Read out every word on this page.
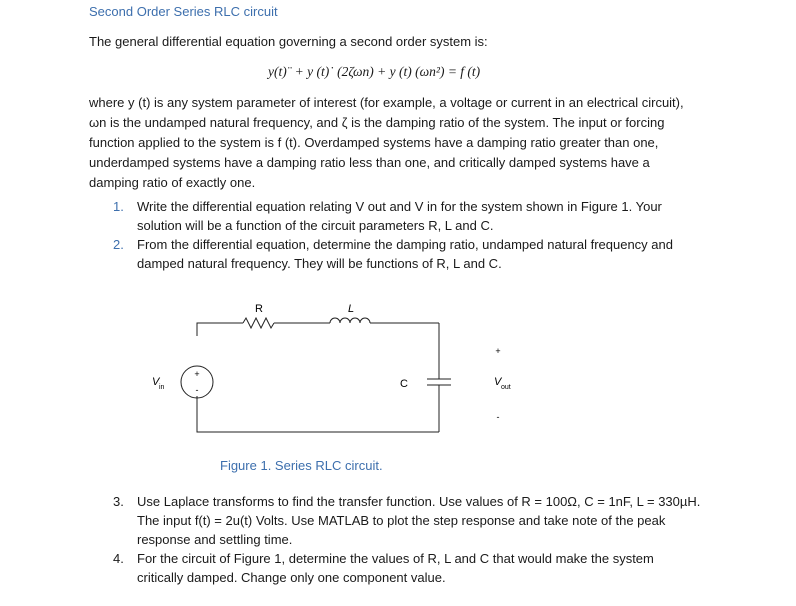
Second Order Series RLC circuit
The general differential equation governing a second order system is:
y(t)¨ + y (t)˙ (2ζωn) + y (t) (ωn²) = f (t)
where y (t) is any system parameter of interest (for example, a voltage or current in an electrical circuit),
ωn is the undamped natural frequency, and ζ is the damping ratio of the system. The input or forcing
function applied to the system is f (t). Overdamped systems have a damping ratio greater than one,
underdamped systems have a damping ratio less than one, and critically damped systems have a
damping ratio of exactly one.
1. Write the differential equation relating V out and V in for the system shown in Figure 1. Your
solution will be a function of the circuit parameters R, L and C.
2. From the differential equation, determine the damping ratio, undamped natural frequency and
damped natural frequency. They will be functions of R, L and C.
R	L
C
+
-
V in
+
V out
-
Figure 1. Series RLC circuit.
3. Use Laplace transforms to find the transfer function. Use values of R = 100Ω, C = 1nF, L = 330µH.
The input f(t) = 2u(t) Volts. Use MATLAB to plot the step response and take note of the peak
response and settling time.
4. For the circuit of Figure 1, determine the values of R, L and C that would make the system
critically damped. Change only one component value.
